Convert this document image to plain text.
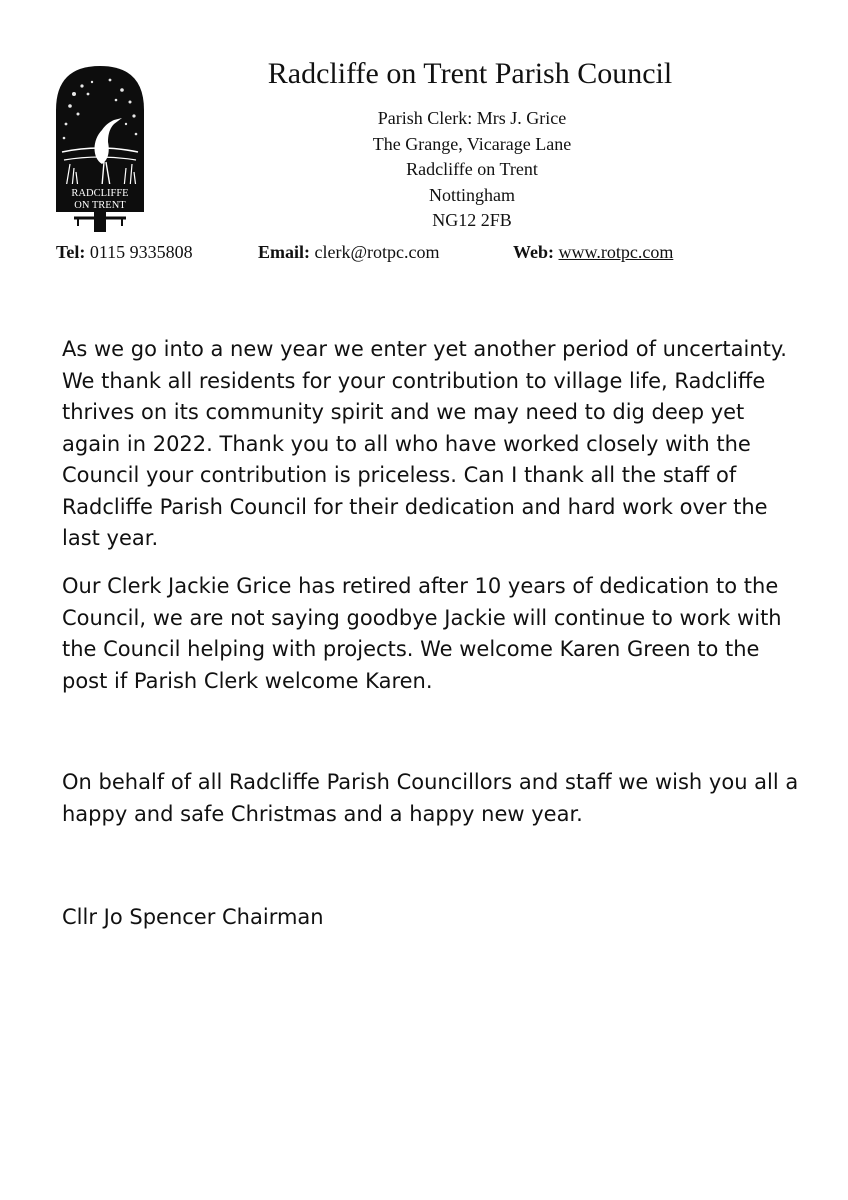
RADCLIFFE
ON TRENT
Radcliffe on Trent Parish Council
Parish Clerk: Mrs J. Grice
The Grange, Vicarage Lane
Radcliffe on Trent
Nottingham
NG12 2FB
Tel: 0115 9335808	Email: clerk@rotpc.com	Web: www.rotpc.com

As we go into a new year we enter yet another period of uncertainty. We thank all residents for your contribution to village life, Radcliffe thrives on its community spirit and we may need to dig deep yet again in 2022. Thank you to all who have worked closely with the Council your contribution is priceless. Can I thank all the staff of Radcliffe Parish Council for their dedication and hard work over the last year.

Our Clerk Jackie Grice has retired after 10 years of dedication to the Council, we are not saying goodbye Jackie will continue to work with the Council helping with projects. We welcome Karen Green to the post if Parish Clerk welcome Karen.

On behalf of all Radcliffe Parish Councillors and staff we wish you all a happy and safe Christmas and a happy new year.

Cllr Jo Spencer Chairman
